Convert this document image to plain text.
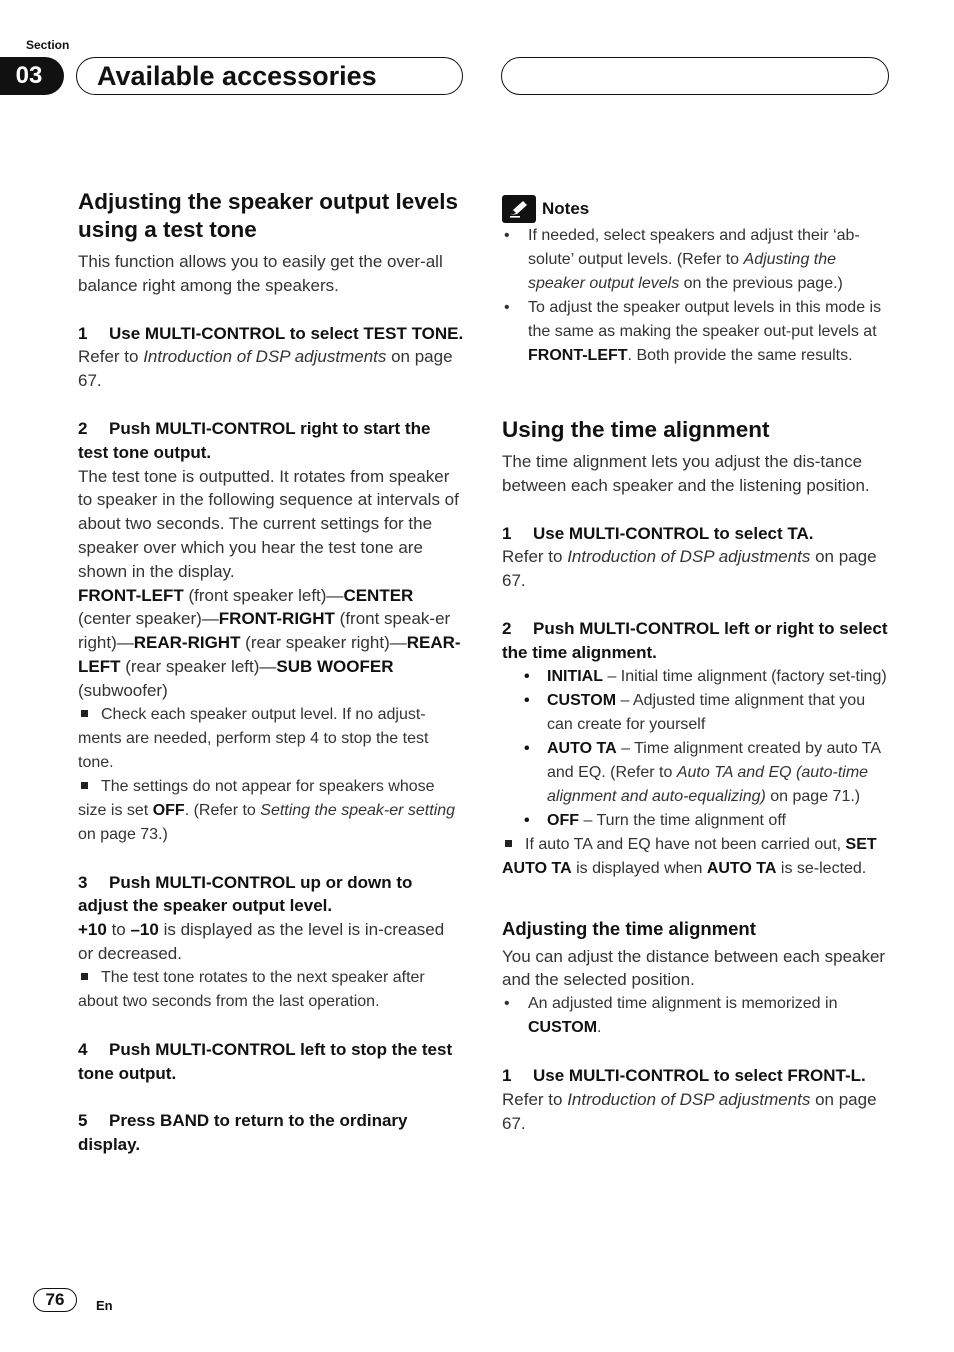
Section
03	Available accessories
Adjusting the speaker output levels using a test tone

This function allows you to easily get the over-all balance right among the speakers.

1 Use MULTI-CONTROL to select TEST TONE.

Refer to Introduction of DSP adjustments on page 67.

2 Push MULTI-CONTROL right to start the test tone output.

The test tone is outputted. It rotates from speaker to speaker in the following sequence at intervals of about two seconds. The current settings for the speaker over which you hear the test tone are shown in the display.

FRONT-LEFT (front speaker left)—CENTER (center speaker)—FRONT-RIGHT (front speak-er right)—REAR-RIGHT (rear speaker right)—REAR-LEFT (rear speaker left)—SUB WOOFER (subwoofer)

Check each speaker output level. If no adjust-ments are needed, perform step 4 to stop the test tone.

The settings do not appear for speakers whose size is set OFF. (Refer to Setting the speak-er setting on page 73.)

3 Push MULTI-CONTROL up or down to adjust the speaker output level.

+10 to –10 is displayed as the level is in-creased or decreased.

The test tone rotates to the next speaker after about two seconds from the last operation.

4 Push MULTI-CONTROL left to stop the test tone output.

5 Press BAND to return to the ordinary display.

Notes
• If needed, select speakers and adjust their ‘ab-solute’ output levels. (Refer to Adjusting the speaker output levels on the previous page.)
• To adjust the speaker output levels in this mode is the same as making the speaker out-put levels at FRONT-LEFT. Both provide the same results.
Using the time alignment

The time alignment lets you adjust the dis-tance between each speaker and the listening position.

1 Use MULTI-CONTROL to select TA.

Refer to Introduction of DSP adjustments on page 67.

2 Push MULTI-CONTROL left or right to select the time alignment.

• INITIAL – Initial time alignment (factory set-ting)
• CUSTOM – Adjusted time alignment that you can create for yourself
• AUTO TA – Time alignment created by auto TA and EQ. (Refer to Auto TA and EQ (auto-time alignment and auto-equalizing) on page 71.)
• OFF – Turn the time alignment off

If auto TA and EQ have not been carried out, SET AUTO TA is displayed when AUTO TA is se-lected.

Adjusting the time alignment

You can adjust the distance between each speaker and the selected position.

• An adjusted time alignment is memorized in CUSTOM.

1 Use MULTI-CONTROL to select FRONT-L.

Refer to Introduction of DSP adjustments on page 67.

76	En
